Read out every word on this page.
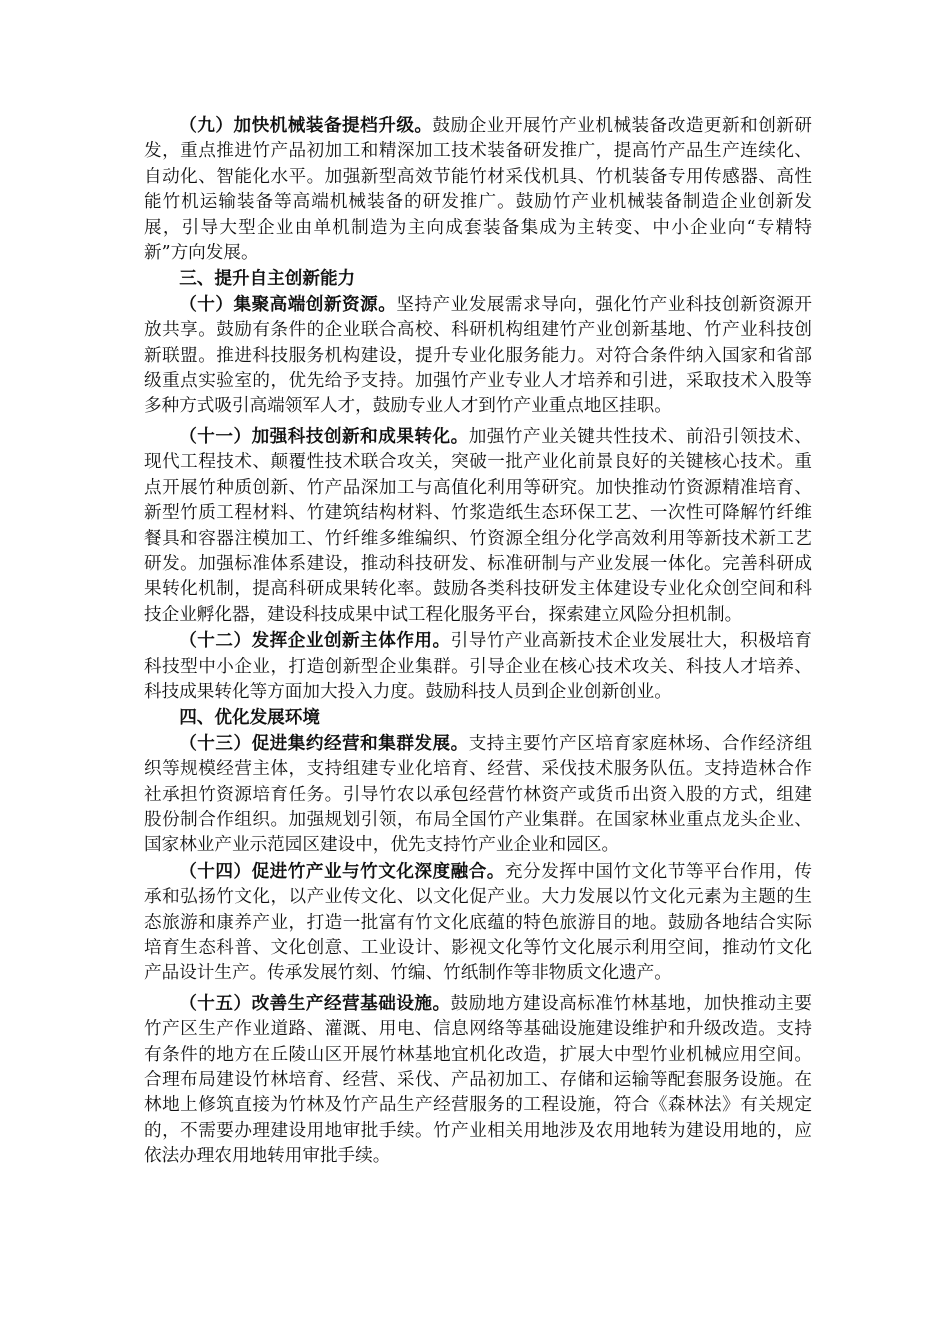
（九）加快机械装备提档升级。鼓励企业开展竹产业机械装备改造更新和创新研发，重点推进竹产品初加工和精深加工技术装备研发推广，提高竹产品生产连续化、自动化、智能化水平。加强新型高效节能竹材采伐机具、竹机装备专用传感器、高性能竹机运输装备等高端机械装备的研发推广。鼓励竹产业机械装备制造企业创新发展，引导大型企业由单机制造为主向成套装备集成为主转变、中小企业向“专精特新”方向发展。

三、提升自主创新能力

（十）集聚高端创新资源。坚持产业发展需求导向，强化竹产业科技创新资源开放共享。鼓励有条件的企业联合高校、科研机构组建竹产业创新基地、竹产业科技创新联盟。推进科技服务机构建设，提升专业化服务能力。对符合条件纳入国家和省部级重点实验室的，优先给予支持。加强竹产业专业人才培养和引进，采取技术入股等多种方式吸引高端领军人才，鼓励专业人才到竹产业重点地区挂职。

（十一）加强科技创新和成果转化。加强竹产业关键共性技术、前沿引领技术、现代工程技术、颠覆性技术联合攻关，突破一批产业化前景良好的关键核心技术。重点开展竹种质创新、竹产品深加工与高值化利用等研究。加快推动竹资源精准培育、新型竹质工程材料、竹建筑结构材料、竹浆造纸生态环保工艺、一次性可降解竹纤维餐具和容器注模加工、竹纤维多维编织、竹资源全组分化学高效利用等新技术新工艺研发。加强标准体系建设，推动科技研发、标准研制与产业发展一体化。完善科研成果转化机制，提高科研成果转化率。鼓励各类科技研发主体建设专业化众创空间和科技企业孵化器，建设科技成果中试工程化服务平台，探索建立风险分担机制。

（十二）发挥企业创新主体作用。引导竹产业高新技术企业发展壮大，积极培育科技型中小企业，打造创新型企业集群。引导企业在核心技术攻关、科技人才培养、科技成果转化等方面加大投入力度。鼓励科技人员到企业创新创业。

四、优化发展环境

（十三）促进集约经营和集群发展。支持主要竹产区培育家庭林场、合作经济组织等规模经营主体，支持组建专业化培育、经营、采伐技术服务队伍。支持造林合作社承担竹资源培育任务。引导竹农以承包经营竹林资产或货币出资入股的方式，组建股份制合作组织。加强规划引领，布局全国竹产业集群。在国家林业重点龙头企业、国家林业产业示范园区建设中，优先支持竹产业企业和园区。

（十四）促进竹产业与竹文化深度融合。充分发挥中国竹文化节等平台作用，传承和弘扬竹文化，以产业传文化、以文化促产业。大力发展以竹文化元素为主题的生态旅游和康养产业，打造一批富有竹文化底蕴的特色旅游目的地。鼓励各地结合实际培育生态科普、文化创意、工业设计、影视文化等竹文化展示利用空间，推动竹文化产品设计生产。传承发展竹刻、竹编、竹纸制作等非物质文化遗产。

（十五）改善生产经营基础设施。鼓励地方建设高标准竹林基地，加快推动主要竹产区生产作业道路、灌溉、用电、信息网络等基础设施建设维护和升级改造。支持有条件的地方在丘陵山区开展竹林基地宜机化改造，扩展大中型竹业机械应用空间。合理布局建设竹林培育、经营、采伐、产品初加工、存储和运输等配套服务设施。在林地上修筑直接为竹林及竹产品生产经营服务的工程设施，符合《森林法》有关规定的，不需要办理建设用地审批手续。竹产业相关用地涉及农用地转为建设用地的，应依法办理农用地转用审批手续。
